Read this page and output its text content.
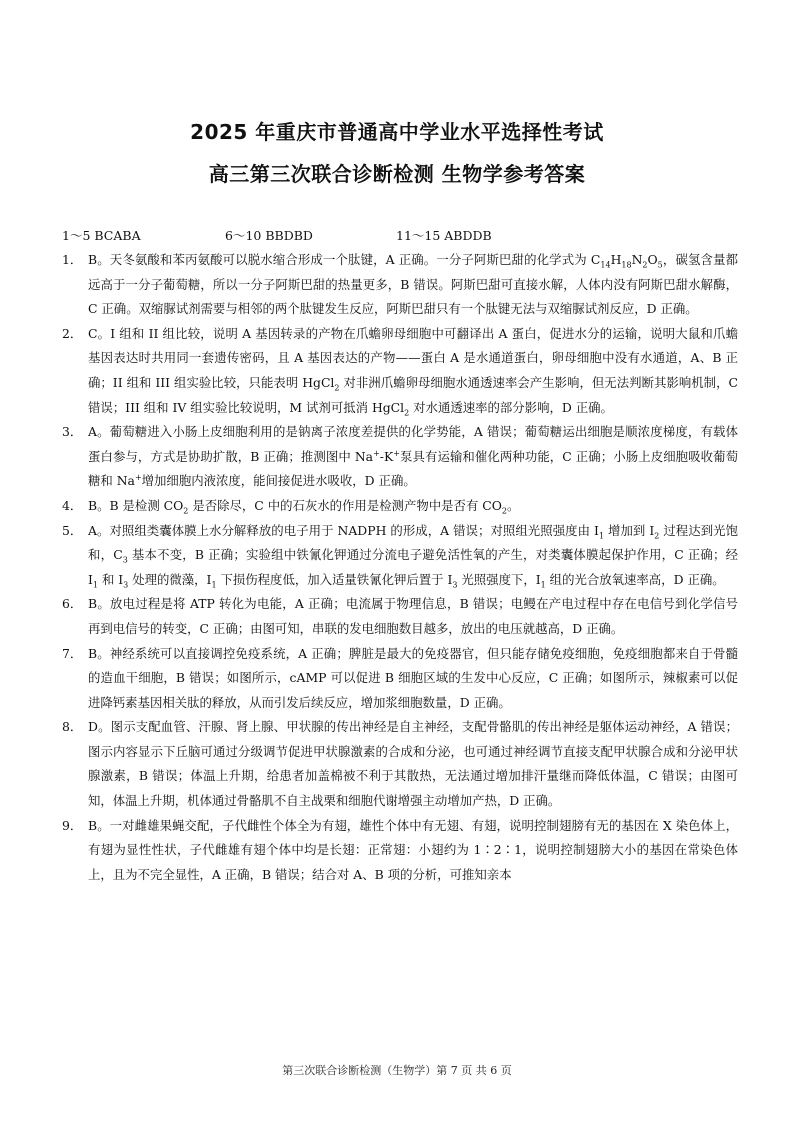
2025 年重庆市普通高中学业水平选择性考试
高三第三次联合诊断检测 生物学参考答案
1～5 BCABA	6～10 BBDBD	11～15 ABDDB
1． B。天冬氨酸和苯丙氨酸可以脱水缩合形成一个肽键，A 正确。一分子阿斯巴甜的化学式为 $C_{14}H_{18}N_2O_5$，碳氢含量都远高于一分子葡萄糖，所以一分子阿斯巴甜的热量更多，B 错误。阿斯巴甜可直接水解，人体内没有阿斯巴甜水解酶，C 正确。双缩脲试剂需要与相邻的两个肽键发生反应，阿斯巴甜只有一个肽键无法与双缩脲试剂反应，D 正确。
2． C。I 组和 II 组比较，说明 A 基因转录的产物在爪蟾卵母细胞中可翻译出 A 蛋白，促进水分的运输，说明大鼠和爪蟾基因表达时共用同一套遗传密码，且 A 基因表达的产物——蛋白 A 是水通道蛋白，卵母细胞中没有水通道，A、B 正确；II 组和 III 组实验比较，只能表明 HgCl$_2$ 对非洲爪蟾卵母细胞水通透速率会产生影响，但无法判断其影响机制，C 错误；III 组和 IV 组实验比较说明，M 试剂可抵消 HgCl$_2$ 对水通透速率的部分影响，D 正确。
3． A。葡萄糖进入小肠上皮细胞利用的是钠离子浓度差提供的化学势能，A 错误；葡萄糖运出细胞是顺浓度梯度，有载体蛋白参与，方式是协助扩散，B 正确；推测图中 Na+-K+泵具有运输和催化两种功能，C 正确；小肠上皮细胞吸收葡萄糖和 Na+增加细胞内液浓度，能间接促进水吸收，D 正确。
4． B。B 是检测 $CO_2$ 是否除尽，C 中的石灰水的作用是检测产物中是否有 $CO_2$。
5． A。对照组类囊体膜上水分解释放的电子用于 NADPH 的形成，A 错误；对照组光照强度由 $I_1$ 增加到 $I_2$ 过程达到光饱和，$C_3$ 基本不变，B 正确；实验组中铁氰化钾通过分流电子避免活性氧的产生，对类囊体膜起保护作用，C 正确；经 $I_1$ 和 $I_3$ 处理的微藻，$I_1$ 下损伤程度低，加入适量铁氰化钾后置于 $I_3$ 光照强度下，$I_1$ 组的光合放氧速率高，D 正确。
6． B。放电过程是将 ATP 转化为电能，A 正确；电流属于物理信息，B 错误；电鳗在产电过程中存在电信号到化学信号再到电信号的转变，C 正确；由图可知，串联的发电细胞数目越多，放出的电压就越高，D 正确。
7． B。神经系统可以直接调控免疫系统，A 正确；脾脏是最大的免疫器官，但只能存储免疫细胞，免疫细胞都来自于骨髓的造血干细胞，B 错误；如图所示，cAMP 可以促进 B 细胞区域的生发中心反应，C 正确；如图所示，辣椒素可以促进降钙素基因相关肽的释放，从而引发后续反应，增加浆细胞数量，D 正确。
8． D。图示支配血管、汗腺、肾上腺、甲状腺的传出神经是自主神经，支配骨骼肌的传出神经是躯体运动神经，A 错误；图示内容显示下丘脑可通过分级调节促进甲状腺激素的合成和分泌，也可通过神经调节直接支配甲状腺合成和分泌甲状腺激素，B 错误；体温上升期，给患者加盖棉被不利于其散热，无法通过增加排汗量继而降低体温，C 错误；由图可知，体温上升期，机体通过骨骼肌不自主战栗和细胞代谢增强主动增加产热，D 正确。
9． B。一对雌雄果蝇交配，子代雌性个体全为有翅，雄性个体中有无翅、有翅，说明控制翅膀有无的基因在 X 染色体上，有翅为显性性状，子代雌雄有翅个体中均是长翅：正常翅：小翅约为 1∶2∶1，说明控制翅膀大小的基因在常染色体上，且为不完全显性，A 正确，B 错误；结合对 A、B 项的分析，可推知亲本
第三次联合诊断检测（生物学）第 7 页 共 6 页
